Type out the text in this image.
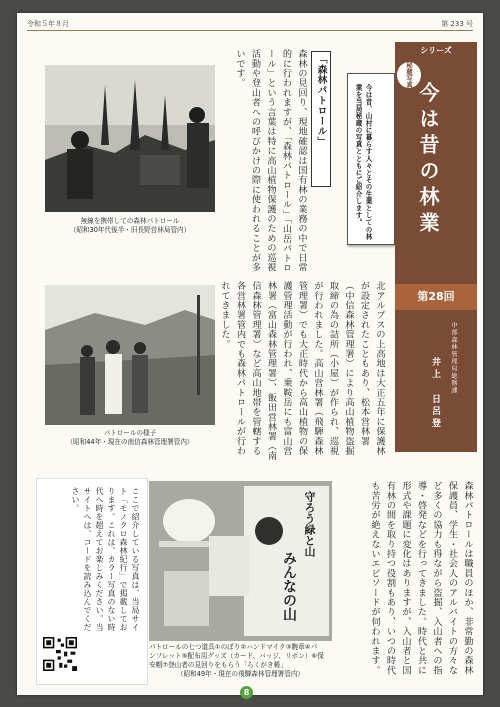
令和５年８月	第 233 号
無線を携帯しての森林パトロール
（昭和30年代後半・旧長野営林局管内）
パトロールの様子
（昭和44年・現在の南信森林管理署管内）
「森林パトロール」
森林の見回り、現地確認は国有林の業務の中で日常的に行われますが、「森林パトロール」「山岳パトロール」という言葉は特に高山植物保護のための巡視活動や登山者への呼びかけの際に使われることが多いです。
北アルプスの上高地は大正五年に保護林が設定されたこともあり、松本営林署（中信森林管理署）により高山植物盗掘取締の為の詰所（小屋）が作られ、巡視が行われました。高山営林署（飛騨森林管理署）でも大正時代から高山植物の保護管理活動が行われ、乗鞍岳にも富山営林署（富山森林管理署）、飯田営林署（南信森林管理署）など高山地帯を管轄する各営林署管内でも森林パトロールが行われてきました。
今は昔、山村に暮らす人々とその生業としての林業を当局秘蔵の写真とともにご紹介します。
シリーズ
秘蔵写真
今は昔の林業
第28回
中部森林管理局総務課
井上 日呂登
森林パトロールは職員のほか、非常勤の森林保護員、学生・社会人のアルバイトの方々など多くの協力も得ながら盗掘、入山者への指導・啓発などを行ってきました。時代と共に形式や課題に変化はありますが、入山者と国有林の間を取り持つ役割もあり、いつの時代も苦労が絶えないエピソードが伺われます。
守ろう緑と山
みんなの山
パトロールの七つ道具①のぼり②ハンドマイク③腕章④パ
ンフレット⑤配布用グッズ（カード、バッジ、リボン）⑥保
安帽⑦登山者の見回りをもらう「らくがき帳」
（昭和49年・現在の飛騨森林管理署管内）
ここで紹介している写真は、当局サイト「モノクロ森林紀行」で掲載しております。これは、カラー写真のない時代へ時を超えてお楽しみください。当サイトへは、コードを読み込んでください。
8
